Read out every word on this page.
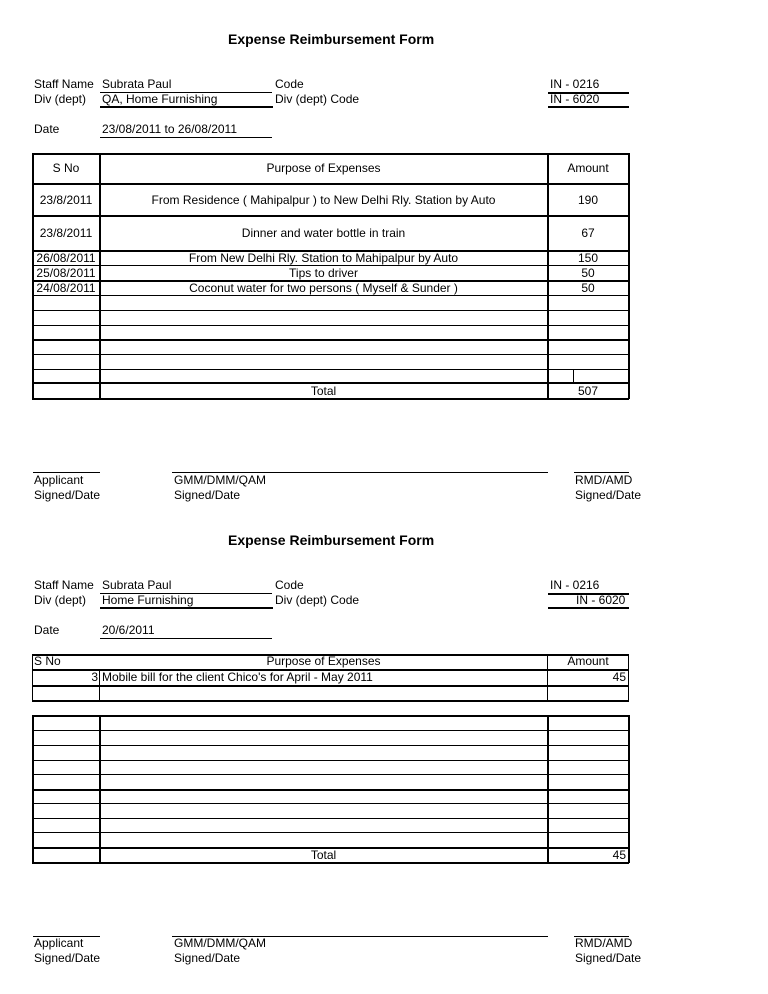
Expense Reimbursement Form
Staff Name Subrata Paul	Code	IN - 0216
Div (dept) QA, Home Furnishing	Div (dept) Code	IN - 6020
Date	23/08/2011 to 26/08/2011
S No	Purpose of Expenses	Amount
23/8/2011	From Residence ( Mahipalpur ) to New Delhi Rly. Station by Auto	190
23/8/2011	Dinner and water bottle in train	67
26/08/2011	From New Delhi Rly. Station to Mahipalpur by Auto	150
25/08/2011	Tips to driver	50
24/08/2011	Coconut water for two persons ( Myself & Sunder )	50
Total	507
Applicant
Signed/Date
GMM/DMM/QAM
Signed/Date
RMD/AMD
Signed/Date
Expense Reimbursement Form
Staff Name Subrata Paul	Code	IN - 0216
Div (dept) Home Furnishing	Div (dept) Code	IN - 6020
Date	20/6/2011
S No	Purpose of Expenses	Amount
3 Mobile bill for the client Chico's for April - May 2011	45
Total	45
Applicant
Signed/Date
GMM/DMM/QAM
Signed/Date
RMD/AMD
Signed/Date
